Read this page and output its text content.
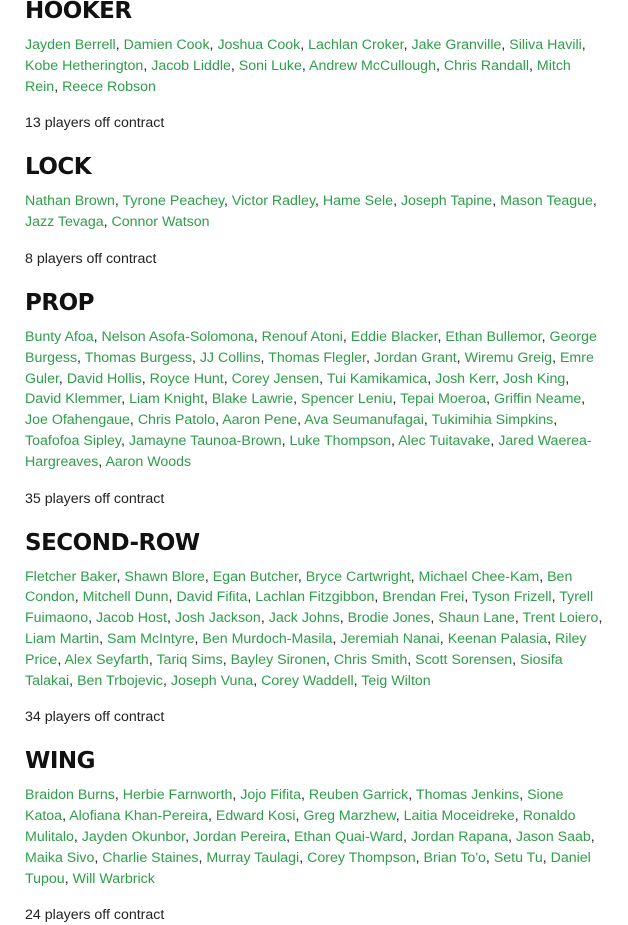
HOOKER

Jayden Berrell, Damien Cook, Joshua Cook, Lachlan Croker, Jake Granville, Siliva Havili, Kobe Hetherington, Jacob Liddle, Soni Luke, Andrew McCullough, Chris Randall, Mitch Rein, Reece Robson

13 players off contract

LOCK

Nathan Brown, Tyrone Peachey, Victor Radley, Hame Sele, Joseph Tapine, Mason Teague, Jazz Tevaga, Connor Watson

8 players off contract

PROP

Bunty Afoa, Nelson Asofa-Solomona, Renouf Atoni, Eddie Blacker, Ethan Bullemor, George Burgess, Thomas Burgess, JJ Collins, Thomas Flegler, Jordan Grant, Wiremu Greig, Emre Guler, David Hollis, Royce Hunt, Corey Jensen, Tui Kamikamica, Josh Kerr, Josh King, David Klemmer, Liam Knight, Blake Lawrie, Spencer Leniu, Tepai Moeroa, Griffin Neame, Joe Ofahengaue, Chris Patolo, Aaron Pene, Ava Seumanufagai, Tukimihia Simpkins, Toafofoa Sipley, Jamayne Taunoa-Brown, Luke Thompson, Alec Tuitavake, Jared Waerea-Hargreaves, Aaron Woods

35 players off contract

SECOND-ROW

Fletcher Baker, Shawn Blore, Egan Butcher, Bryce Cartwright, Michael Chee-Kam, Ben Condon, Mitchell Dunn, David Fifita, Lachlan Fitzgibbon, Brendan Frei, Tyson Frizell, Tyrell Fuimaono, Jacob Host, Josh Jackson, Jack Johns, Brodie Jones, Shaun Lane, Trent Loiero, Liam Martin, Sam McIntyre, Ben Murdoch-Masila, Jeremiah Nanai, Keenan Palasia, Riley Price, Alex Seyfarth, Tariq Sims, Bayley Sironen, Chris Smith, Scott Sorensen, Siosifa Talakai, Ben Trbojevic, Joseph Vuna, Corey Waddell, Teig Wilton

34 players off contract

WING

Braidon Burns, Herbie Farnworth, Jojo Fifita, Reuben Garrick, Thomas Jenkins, Sione Katoa, Alofiana Khan-Pereira, Edward Kosi, Greg Marzhew, Laitia Moceidreke, Ronaldo Mulitalo, Jayden Okunbor, Jordan Pereira, Ethan Quai-Ward, Jordan Rapana, Jason Saab, Maika Sivo, Charlie Staines, Murray Taulagi, Corey Thompson, Brian To'o, Setu Tu, Daniel Tupou, Will Warbrick

24 players off contract
